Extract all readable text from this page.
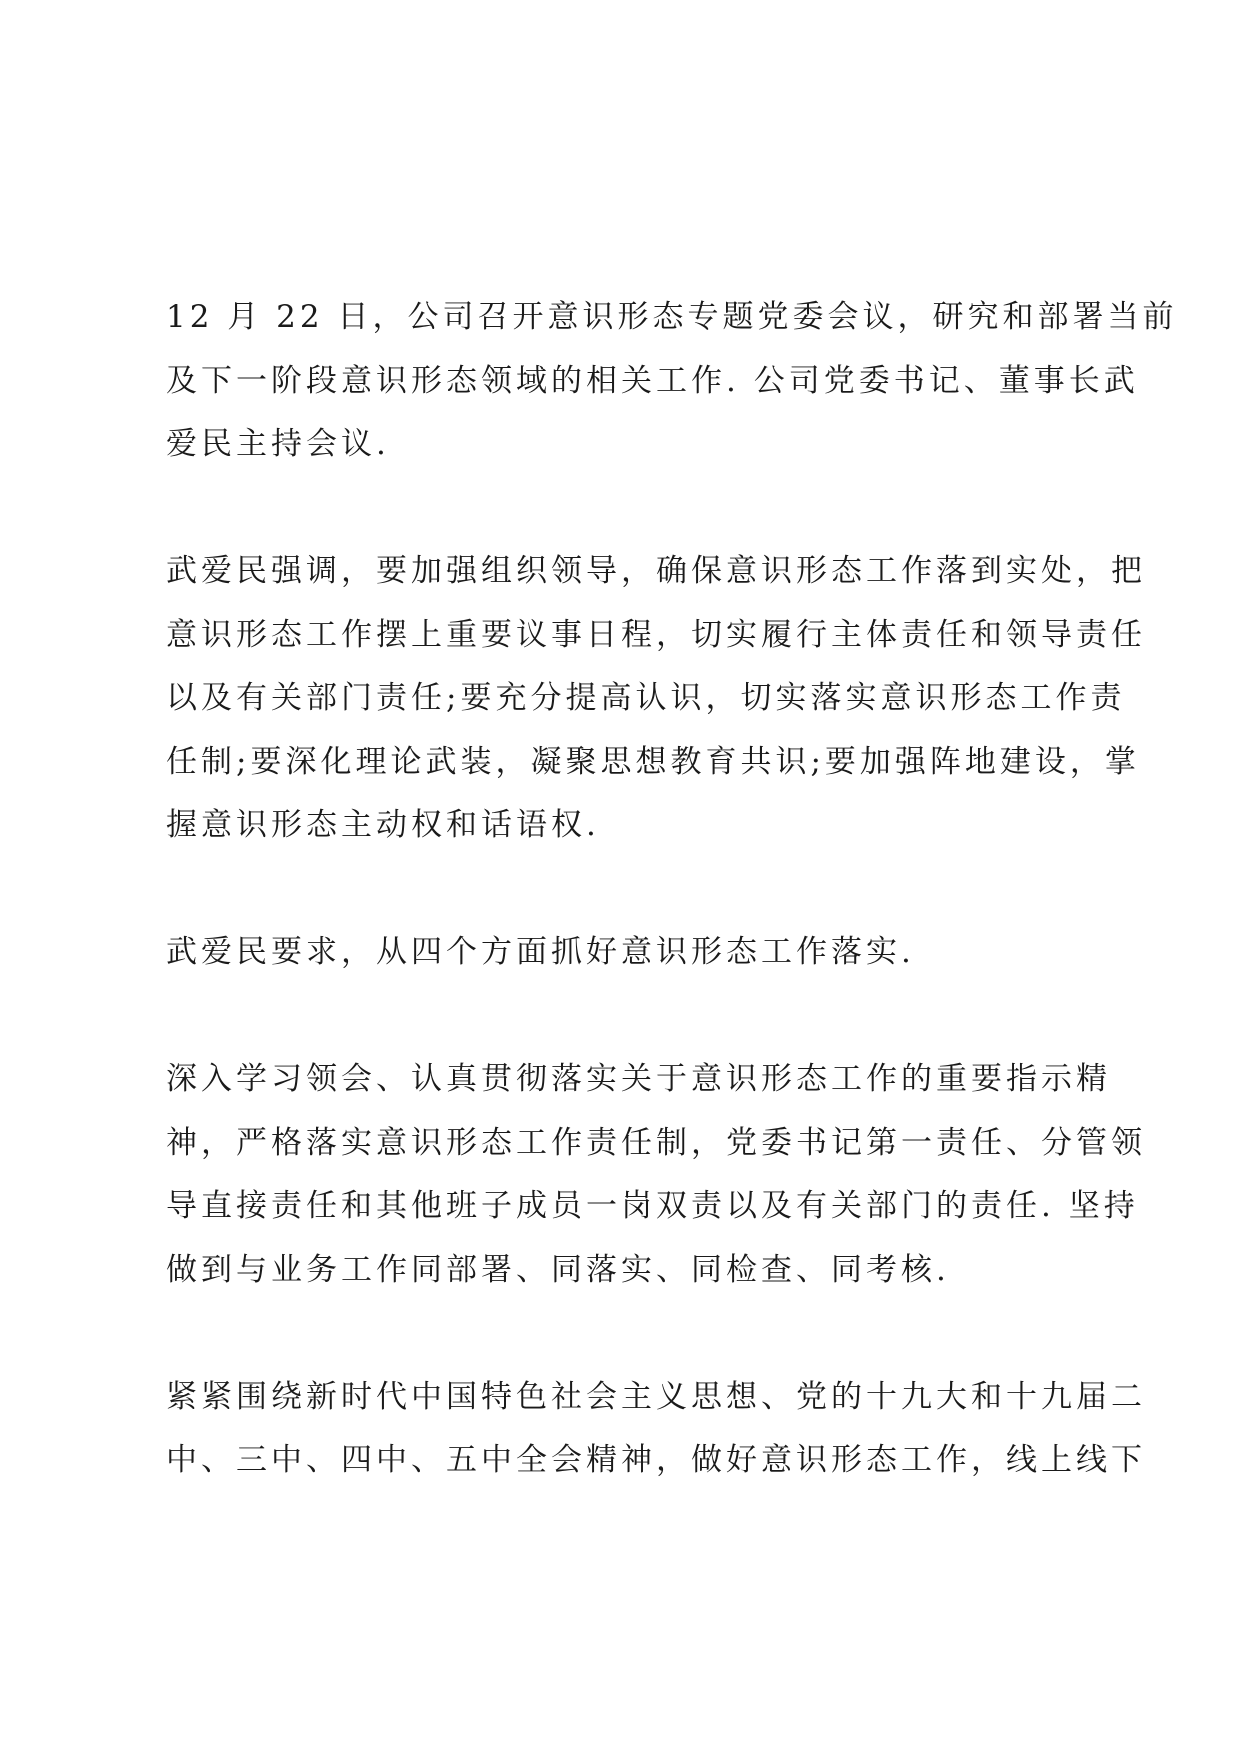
12 月 22 日，公司召开意识形态专题党委会议，研究和部署当前
及下一阶段意识形态领域的相关工作. 公司党委书记、董事长武
爱民主持会议.
武爱民强调，要加强组织领导，确保意识形态工作落到实处，把
意识形态工作摆上重要议事日程，切实履行主体责任和领导责任
以及有关部门责任;要充分提高认识，切实落实意识形态工作责
任制;要深化理论武装，凝聚思想教育共识;要加强阵地建设，掌
握意识形态主动权和话语权.
武爱民要求，从四个方面抓好意识形态工作落实.
深入学习领会、认真贯彻落实关于意识形态工作的重要指示精
神，严格落实意识形态工作责任制，党委书记第一责任、分管领
导直接责任和其他班子成员一岗双责以及有关部门的责任. 坚持
做到与业务工作同部署、同落实、同检查、同考核.
紧紧围绕新时代中国特色社会主义思想、党的十九大和十九届二
中、三中、四中、五中全会精神，做好意识形态工作，线上线下
